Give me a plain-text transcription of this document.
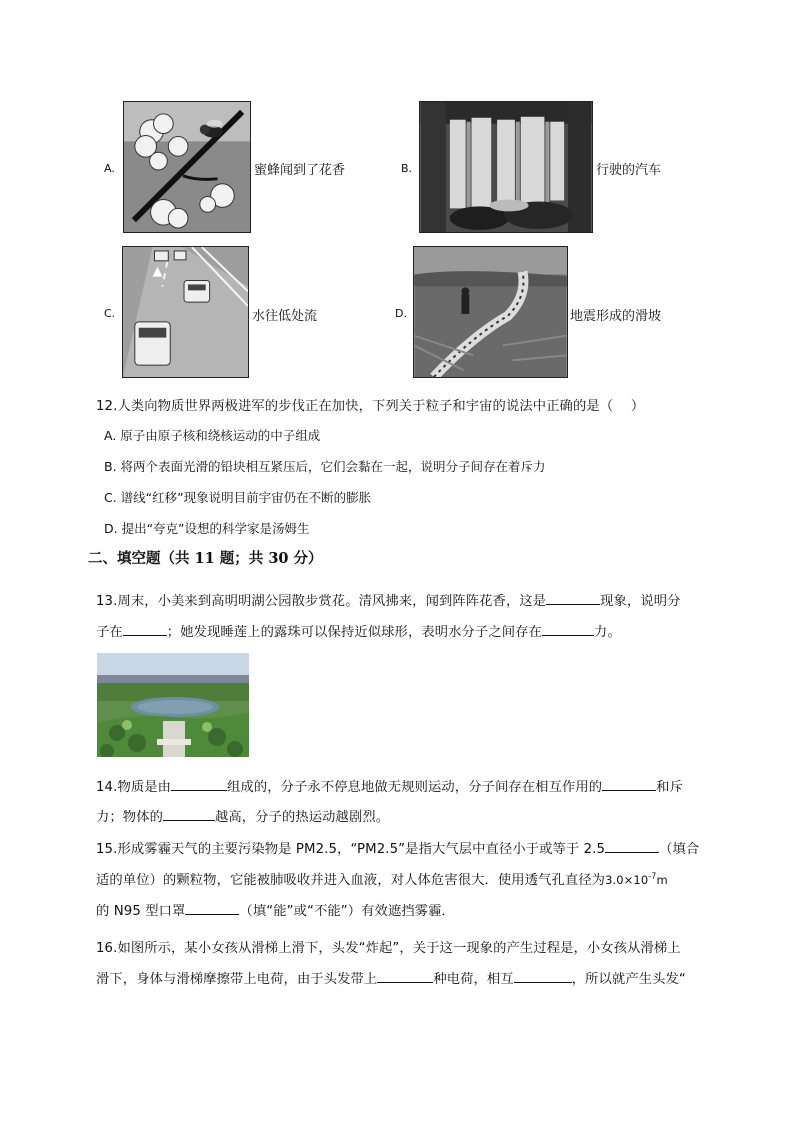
A.	蜜蜂闻到了花香	B.	行驶的汽车
C.	水往低处流	D.	地震形成的滑坡
12.人类向物质世界两极进军的步伐正在加快，下列关于粒子和宇宙的说法中正确的是（　 ）
A. 原子由原子核和绕核运动的中子组成
B. 将两个表面光滑的铅块相互紧压后，它们会黏在一起，说明分子间存在着斥力
C. 谱线“红移”现象说明目前宇宙仍在不断的膨胀
D. 提出“夸克”设想的科学家是汤姆生
二、填空题（共 11 题；共 30 分）
13.周末，小美来到高明明湖公园散步赏花。清风拂来，闻到阵阵花香，这是	现象，说明分
子在	；她发现睡莲上的露珠可以保持近似球形，表明水分子之间存在	力。
14.物质是由	组成的，分子永不停息地做无规则运动，分子间存在相互作用的	和斥
力；物体的	越高，分子的热运动越剧烈。
15.形成雾霾天气的主要污染物是 PM2.5，“PM2.5”是指大气层中直径小于或等于 2.5	（填合
适的单位）的颗粒物，它能被肺吸收并进入血液，对人体危害很大．使用透气孔直径为$3.0\times 10^{-7}m$
的 N95 型口罩	（填“能”或“不能”）有效遮挡雾霾．
16.如图所示，某小女孩从滑梯上滑下，头发“炸起”，关于这一现象的产生过程是，小女孩从滑梯上
滑下，身体与滑梯摩擦带上电荷，由于头发带上	种电荷，相互	，所以就产生头发“
